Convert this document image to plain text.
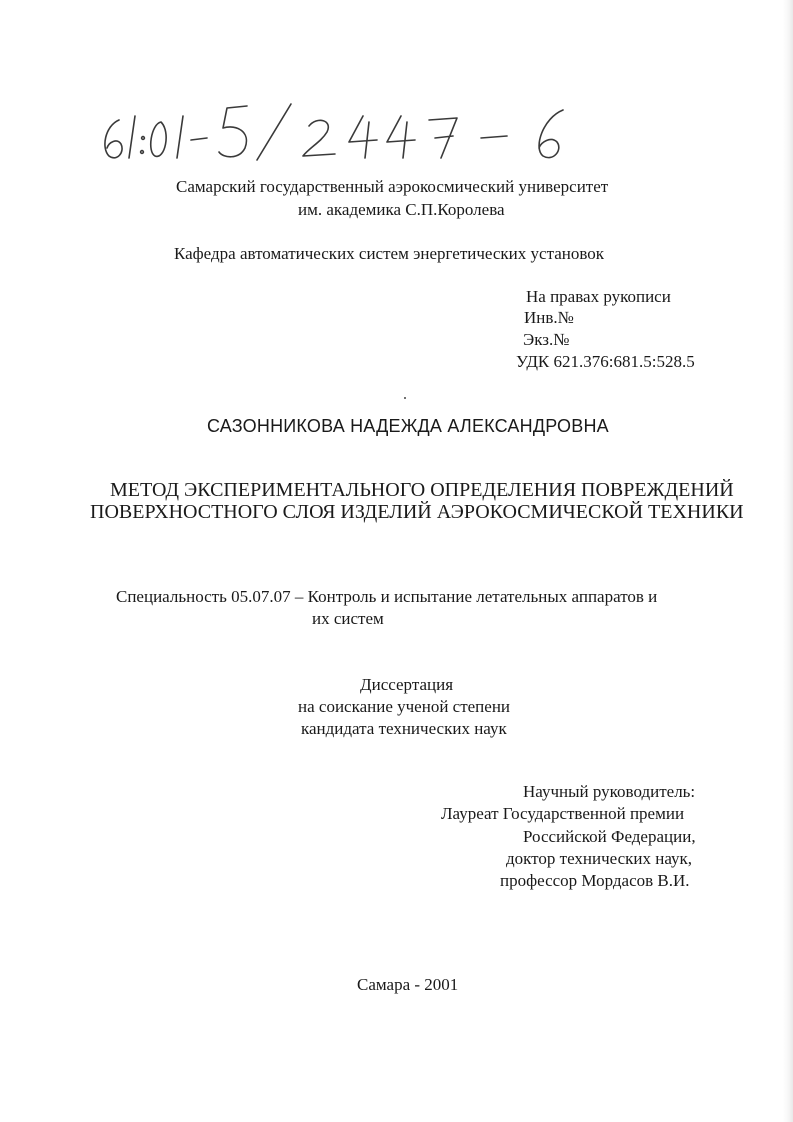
Самарский государственный аэрокосмический университет
им. академика С.П.Королева
Кафедра автоматических систем энергетических установок
На правах рукописи
Инв.№
Экз.№
УДК 621.376:681.5:528.5
САЗОННИКОВА НАДЕЖДА АЛЕКСАНДРОВНА
МЕТОД ЭКСПЕРИМЕНТАЛЬНОГО ОПРЕДЕЛЕНИЯ ПОВРЕЖДЕНИЙ
ПОВЕРХНОСТНОГО СЛОЯ ИЗДЕЛИЙ АЭРОКОСМИЧЕСКОЙ ТЕХНИКИ
Специальность 05.07.07 – Контроль и испытание летательных аппаратов и
их систем
Диссертация
на соискание ученой степени
кандидата технических наук
Научный руководитель:
Лауреат Государственной премии
Российской Федерации,
доктор технических наук,
профессор Мордасов В.И.
Самара - 2001
